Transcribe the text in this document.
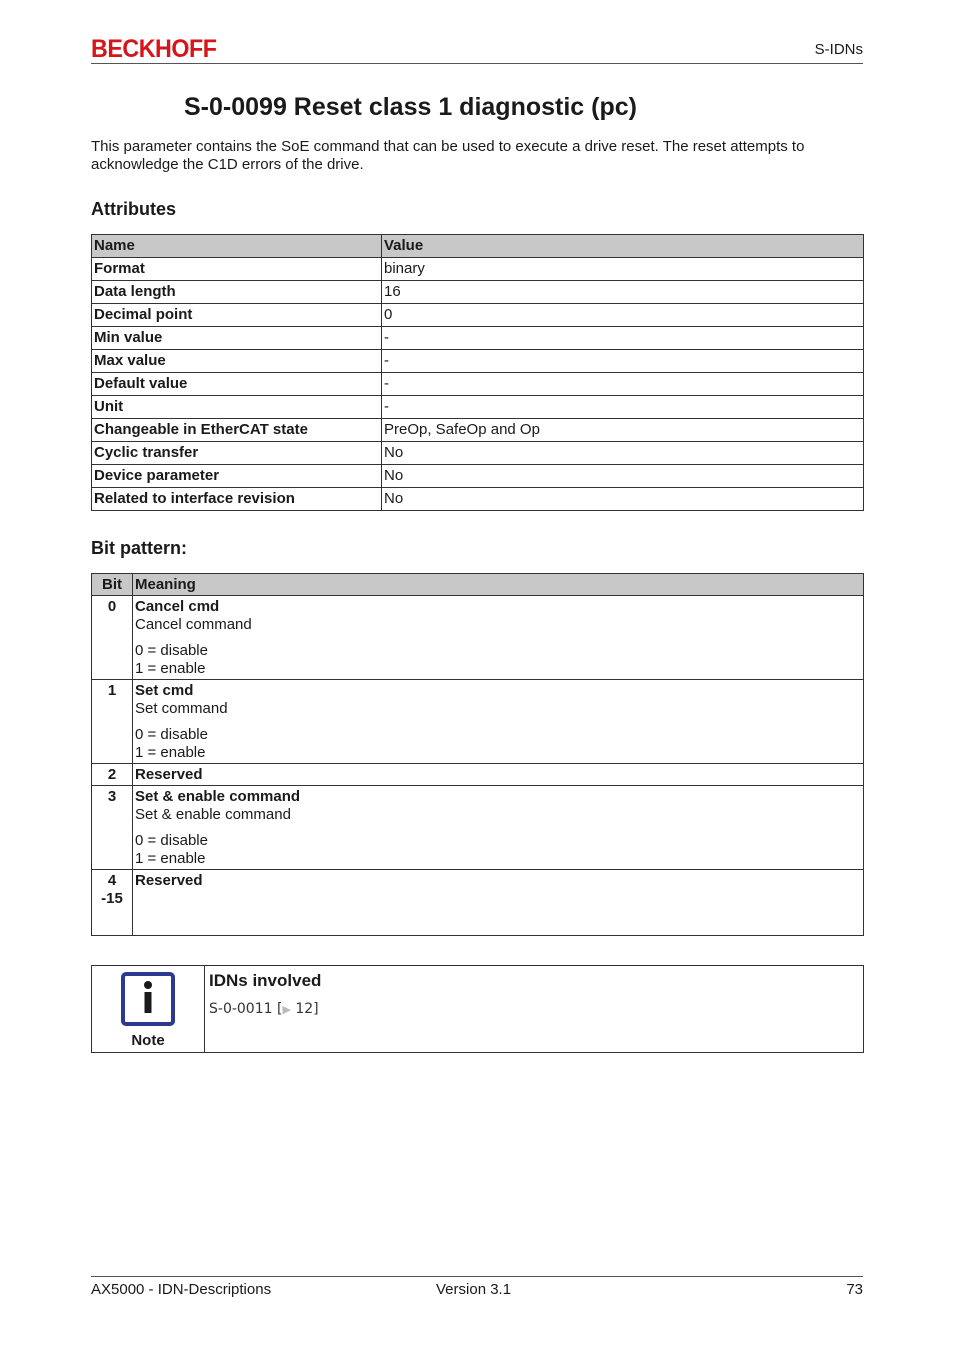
BECKHOFF	S-IDNs
S-0-0099 Reset class 1 diagnostic (pc)

This parameter contains the SoE command that can be used to execute a drive reset. The reset attempts to acknowledge the C1D errors of the drive.

Attributes
Name	Value
Format	binary
Data length	16
Decimal point	0
Min value	-
Max value	-
Default value	-
Unit	-
Changeable in EtherCAT state	PreOp, SafeOp and Op
Cyclic transfer	No
Device parameter	No
Related to interface revision	No
Bit pattern:
Bit	Meaning
0	Cancel cmd
Cancel command
0 = disable
1 = enable

1	Set cmd
Set command
0 = disable
1 = enable

2	Reserved

3	Set & enable command
Set & enable command
0 = disable
1 = enable

4
-15	Reserved
Note
IDNs involved
S-0-0011 [▶ 12]
AX5000 - IDN-Descriptions	Version 3.1	73
